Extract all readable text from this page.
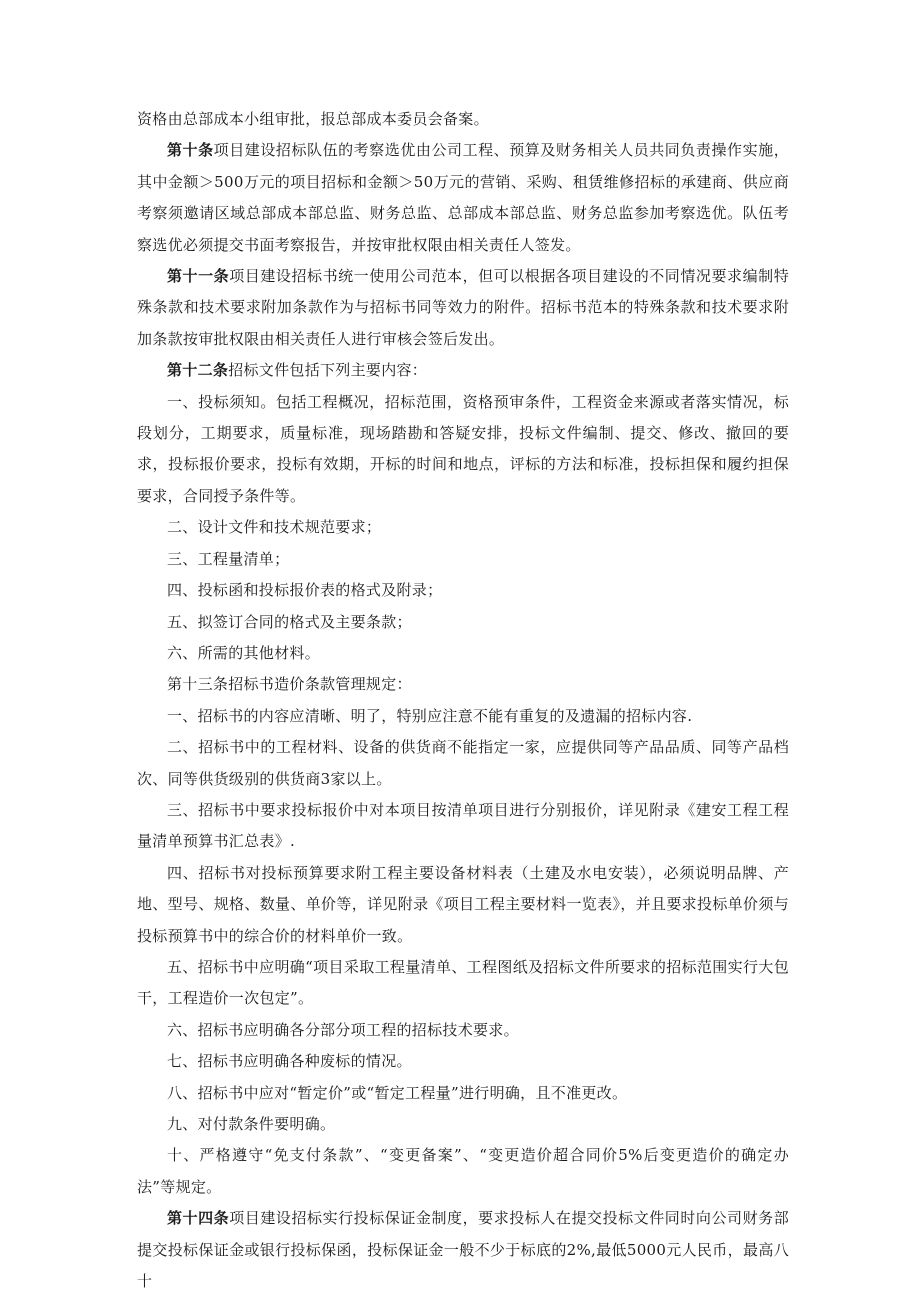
资格由总部成本小组审批，报总部成本委员会备案。

第十条项目建设招标队伍的考察选优由公司工程、预算及财务相关人员共同负责操作实施，其中金额＞500万元的项目招标和金额＞50万元的营销、采购、租赁维修招标的承建商、供应商考察须邀请区域总部成本部总监、财务总监、总部成本部总监、财务总监参加考察选优。队伍考察选优必须提交书面考察报告，并按审批权限由相关责任人签发。

第十一条项目建设招标书统一使用公司范本，但可以根据各项目建设的不同情况要求编制特殊条款和技术要求附加条款作为与招标书同等效力的附件。招标书范本的特殊条款和技术要求附加条款按审批权限由相关责任人进行审核会签后发出。

第十二条招标文件包括下列主要内容：

一、投标须知。包括工程概况，招标范围，资格预审条件，工程资金来源或者落实情况，标段划分，工期要求，质量标准，现场踏勘和答疑安排，投标文件编制、提交、修改、撤回的要求，投标报价要求，投标有效期，开标的时间和地点，评标的方法和标准，投标担保和履约担保要求，合同授予条件等。

二、设计文件和技术规范要求；

三、工程量清单；

四、投标函和投标报价表的格式及附录；

五、拟签订合同的格式及主要条款；

六、所需的其他材料。

第十三条招标书造价条款管理规定：

一、招标书的内容应清晰、明了，特别应注意不能有重复的及遗漏的招标内容.

二、招标书中的工程材料、设备的供货商不能指定一家，应提供同等产品品质、同等产品档次、同等供货级别的供货商3家以上。

三、招标书中要求投标报价中对本项目按清单项目进行分别报价，详见附录《建安工程工程量清单预算书汇总表》.

四、招标书对投标预算要求附工程主要设备材料表（土建及水电安装），必须说明品牌、产地、型号、规格、数量、单价等，详见附录《项目工程主要材料一览表》，并且要求投标单价须与投标预算书中的综合价的材料单价一致。

五、招标书中应明确“项目采取工程量清单、工程图纸及招标文件所要求的招标范围实行大包干，工程造价一次包定”。

六、招标书应明确各分部分项工程的招标技术要求。

七、招标书应明确各种废标的情况。

八、招标书中应对“暂定价”或“暂定工程量”进行明确，且不准更改。

九、对付款条件要明确。

十、严格遵守“免支付条款”、“变更备案”、“变更造价超合同价5%后变更造价的确定办法”等规定。

第十四条项目建设招标实行投标保证金制度，要求投标人在提交投标文件同时向公司财务部提交投标保证金或银行投标保函，投标保证金一般不少于标底的2%,最低5000元人民币，最高八十
